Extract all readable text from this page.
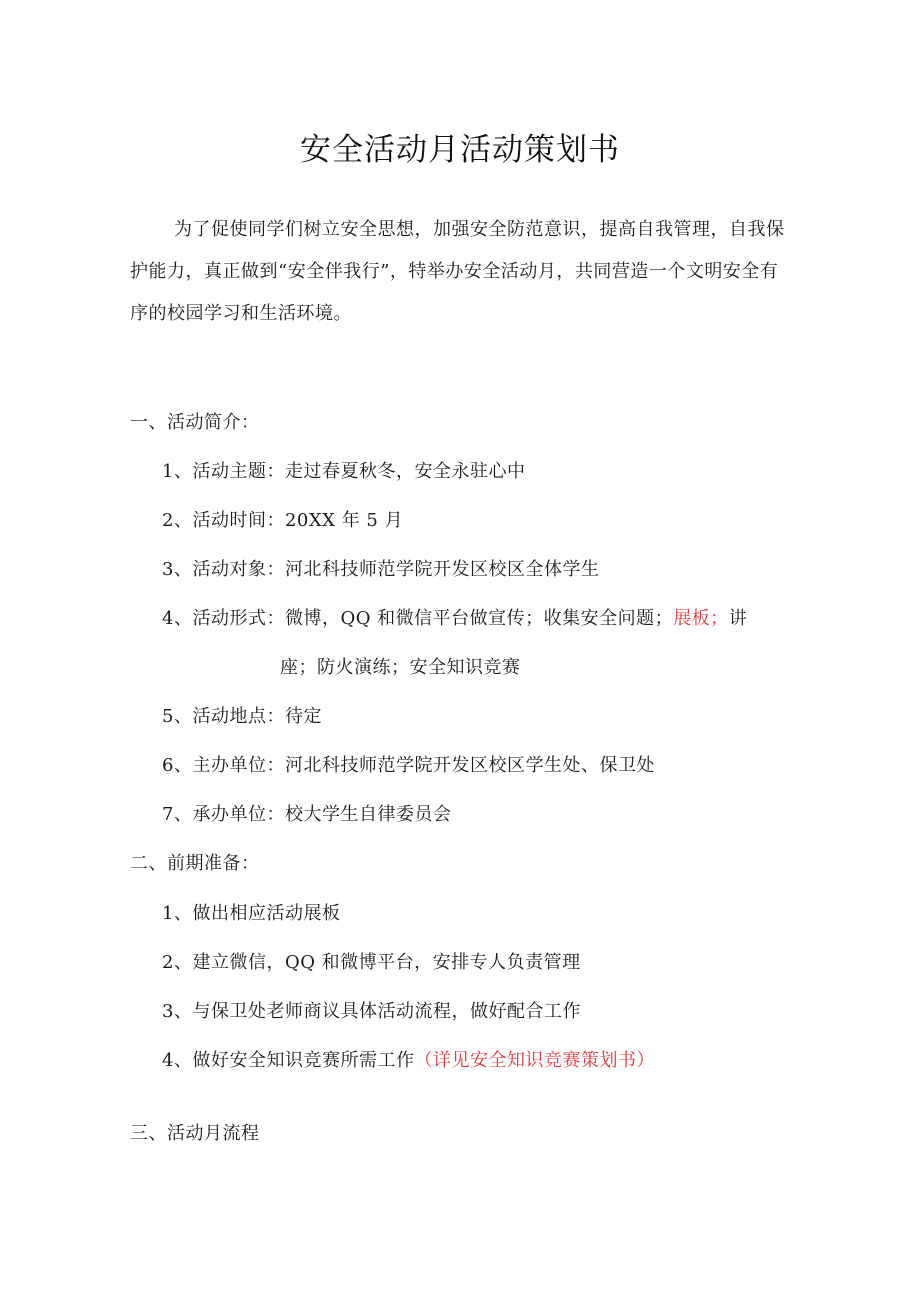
安全活动月活动策划书

为了促使同学们树立安全思想，加强安全防范意识，提高自我管理，自我保护能力，真正做到“安全伴我行”，特举办安全活动月，共同营造一个文明安全有序的校园学习和生活环境。

一、活动简介：
1、活动主题：走过春夏秋冬，安全永驻心中
2、活动时间：20XX 年 5 月
3、活动对象：河北科技师范学院开发区校区全体学生
4、活动形式：微博，QQ 和微信平台做宣传；收集安全问题；展板；讲
座；防火演练；安全知识竞赛
5、活动地点：待定
6、主办单位：河北科技师范学院开发区校区学生处、保卫处
7、承办单位：校大学生自律委员会
二、前期准备：
1、做出相应活动展板
2、建立微信，QQ 和微博平台，安排专人负责管理
3、与保卫处老师商议具体活动流程，做好配合工作
4、做好安全知识竞赛所需工作（详见安全知识竞赛策划书）
三、活动月流程
